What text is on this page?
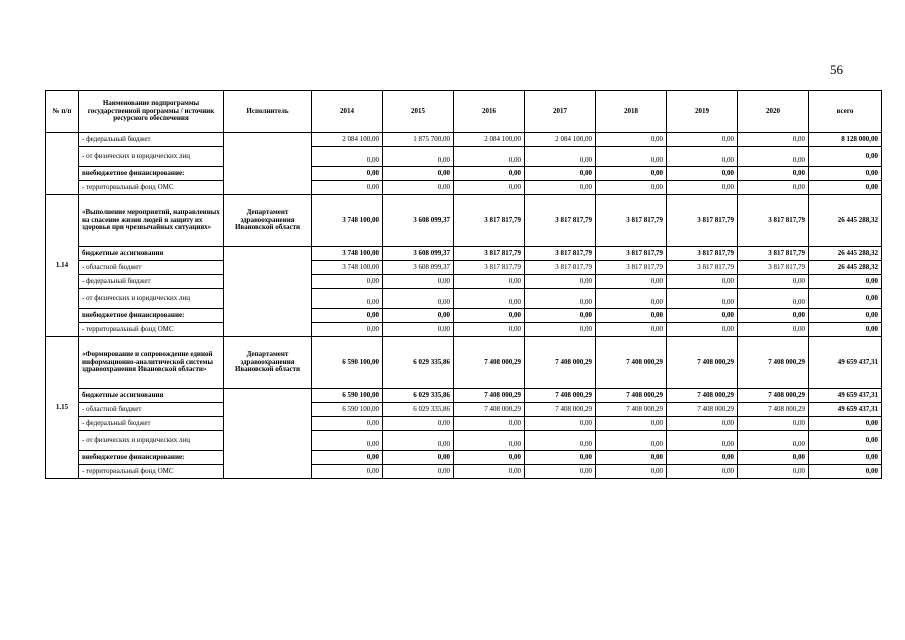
56
№ п/п	Наименование подпрограммы государственной программы / источник ресурсного обеспечения	Исполнитель	2014	2015	2016	2017	2018	2019	2020	всего
	- федеральный бюджет		2 084 100,00	1 875 700,00	2 084 100,00	2 084 100,00	0,00	0,00	0,00	8 128 000,00
	- от физических и юридических лиц		0,00	0,00	0,00	0,00	0,00	0,00	0,00	0,00
	внебюджетное финансирование:		0,00	0,00	0,00	0,00	0,00	0,00	0,00	0,00
	- территориальный фонд ОМС		0,00	0,00	0,00	0,00	0,00	0,00	0,00	0,00
1.14	«Выполнение мероприятий, направленных на спасение жизни людей и защиту их здоровья при чрезвычайных ситуациях»	Департамент здравоохранения Ивановской области	3 748 100,00	3 608 099,37	3 817 817,79	3 817 817,79	3 817 817,79	3 817 817,79	3 817 817,79	26 445 288,32
	бюджетные ассигнования		3 748 100,00	3 608 099,37	3 817 817,79	3 817 817,79	3 817 817,79	3 817 817,79	3 817 817,79	26 445 288,32
	- областной бюджет		3 748 100,00	3 608 099,37	3 817 817,79	3 817 817,79	3 817 817,79	3 817 817,79	3 817 817,79	26 445 288,32
	- федеральный бюджет		0,00	0,00	0,00	0,00	0,00	0,00	0,00	0,00
	- от физических и юридических лиц		0,00	0,00	0,00	0,00	0,00	0,00	0,00	0,00
	внебюджетное финансирование:		0,00	0,00	0,00	0,00	0,00	0,00	0,00	0,00
	- территориальный фонд ОМС		0,00	0,00	0,00	0,00	0,00	0,00	0,00	0,00
1.15	«Формирование и сопровождение единой информационно-аналитической системы здравоохранения Ивановской области»	Департамент здравоохранения Ивановской области	6 590 100,00	6 029 335,86	7 408 000,29	7 408 000,29	7 408 000,29	7 408 000,29	7 408 000,29	49 659 437,31
	бюджетные ассигнования		6 590 100,00	6 029 335,86	7 408 000,29	7 408 000,29	7 408 000,29	7 408 000,29	7 408 000,29	49 659 437,31
	- областной бюджет		6 590 100,00	6 029 335,86	7 408 000,29	7 408 000,29	7 408 000,29	7 408 000,29	7 408 000,29	49 659 437,31
	- федеральный бюджет		0,00	0,00	0,00	0,00	0,00	0,00	0,00	0,00
	- от физических и юридических лиц		0,00	0,00	0,00	0,00	0,00	0,00	0,00	0,00
	внебюджетное финансирование:		0,00	0,00	0,00	0,00	0,00	0,00	0,00	0,00
	- территориальный фонд ОМС		0,00	0,00	0,00	0,00	0,00	0,00	0,00	0,00
